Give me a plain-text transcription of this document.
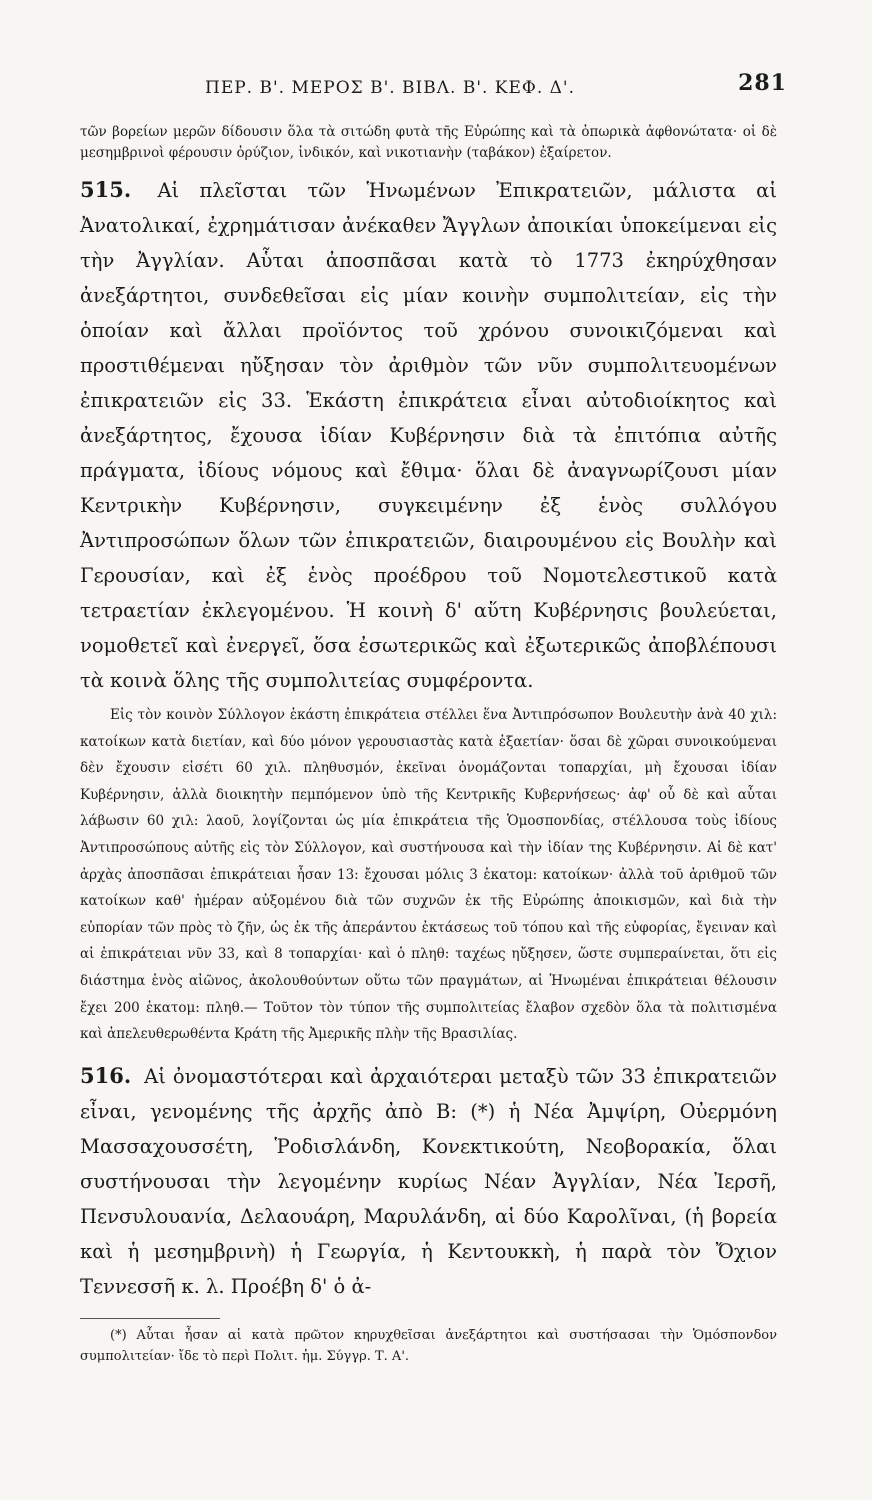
ΠΕΡ. Β'. ΜΕΡΟΣ Β'. ΒΙΒΛ. Β'. ΚΕΦ. Δ'.	281

τῶν βορείων μερῶν δίδουσιν ὅλα τὰ σιτώδη φυτὰ τῆς Εὐρώπης καὶ τὰ ὀπωρικὰ ἀφθονώτατα· οἱ δὲ μεσημβρινοὶ φέρουσιν ὀρύζιον, ἰνδικόν, καὶ νικοτιανὴν (ταβάκον) ἐξαίρετον.

515. Αἱ πλεῖσται τῶν Ἡνωμένων Ἐπικρατειῶν, μάλιστα αἱ Ἀνατολικαί, ἐχρημάτισαν ἀνέκαθεν Ἄγγλων ἀποικίαι ὑποκείμεναι εἰς τὴν Ἀγγλίαν. Αὗται ἀποσπᾶσαι κατὰ τὸ 1773 ἐκηρύχθησαν ἀνεξάρτητοι, συνδεθεῖσαι εἰς μίαν κοινὴν συμπολιτείαν, εἰς τὴν ὁποίαν καὶ ἄλλαι προϊόντος τοῦ χρόνου συνοικιζόμεναι καὶ προστιθέμεναι ηὔξησαν τὸν ἀριθμὸν τῶν νῦν συμπολιτευομένων ἐπικρατειῶν εἰς 33. Ἑκάστη ἐπικράτεια εἶναι αὐτοδιοίκητος καὶ ἀνεξάρτητος, ἔχουσα ἰδίαν Κυβέρνησιν διὰ τὰ ἐπιτόπια αὐτῆς πράγματα, ἰδίους νόμους καὶ ἔθιμα· ὅλαι δὲ ἀναγνωρίζουσι μίαν Κεντρικὴν Κυβέρνησιν, συγκειμένην ἐξ ἑνὸς συλλόγου Ἀντιπροσώπων ὅλων τῶν ἐπικρατειῶν, διαιρουμένου εἰς Βουλὴν καὶ Γερουσίαν, καὶ ἐξ ἑνὸς προέδρου τοῦ Νομοτελεστικοῦ κατὰ τετραετίαν ἐκλεγομένου. Ἡ κοινὴ δ' αὕτη Κυβέρνησις βουλεύεται, νομοθετεῖ καὶ ἐνεργεῖ, ὅσα ἐσωτερικῶς καὶ ἐξωτερικῶς ἀποβλέπουσι τὰ κοινὰ ὅλης τῆς συμπολιτείας συμφέροντα.

Εἰς τὸν κοινὸν Σύλλογον ἑκάστη ἐπικράτεια στέλλει ἕνα Ἀντιπρόσωπον Βουλευτὴν ἀνὰ 40 χιλ: κατοίκων κατὰ διετίαν, καὶ δύο μόνον γερουσιαστὰς κατὰ ἑξαετίαν· ὅσαι δὲ χῶραι συνοικούμεναι δὲν ἔχουσιν εἰσέτι 60 χιλ. πληθυσμόν, ἐκεῖναι ὀνομάζονται τοπαρχίαι, μὴ ἔχουσαι ἰδίαν Κυβέρνησιν, ἀλλὰ διοικητὴν πεμπόμενον ὑπὸ τῆς Κεντρικῆς Κυβερνήσεως· ἀφ' οὗ δὲ καὶ αὗται λάβωσιν 60 χιλ: λαοῦ, λογίζονται ὡς μία ἐπικράτεια τῆς Ὁμοσπονδίας, στέλλουσα τοὺς ἰδίους Ἀντιπροσώπους αὐτῆς εἰς τὸν Σύλλογον, καὶ συστήνουσα καὶ τὴν ἰδίαν της Κυβέρνησιν. Αἱ δὲ κατ' ἀρχὰς ἀποσπᾶσαι ἐπικράτειαι ἦσαν 13: ἔχουσαι μόλις 3 ἑκατομ: κατοίκων· ἀλλὰ τοῦ ἀριθμοῦ τῶν κατοίκων καθ' ἡμέραν αὐξομένου διὰ τῶν συχνῶν ἐκ τῆς Εὐρώπης ἀποικισμῶν, καὶ διὰ τὴν εὐπορίαν τῶν πρὸς τὸ ζῆν, ὡς ἐκ τῆς ἀπεράντου ἐκτάσεως τοῦ τόπου καὶ τῆς εὐφορίας, ἔγειναν καὶ αἱ ἐπικράτειαι νῦν 33, καὶ 8 τοπαρχίαι· καὶ ὁ πληθ: ταχέως ηὔξησεν, ὥστε συμπεραίνεται, ὅτι εἰς διάστημα ἑνὸς αἰῶνος, ἀκολουθούντων οὕτω τῶν πραγμάτων, αἱ Ἡνωμέναι ἐπικράτειαι θέλουσιν ἔχει 200 ἑκατομ: πληθ.— Τοῦτον τὸν τύπον τῆς συμπολιτείας ἔλαβον σχεδὸν ὅλα τὰ πολιτισμένα καὶ ἀπελευθερωθέντα Κράτη τῆς Ἀμερικῆς πλὴν τῆς Βρασιλίας.

516. Αἱ ὀνομαστότεραι καὶ ἀρχαιότεραι μεταξὺ τῶν 33 ἐπικρατειῶν εἶναι, γενομένης τῆς ἀρχῆς ἀπὸ Β: (*) ἡ Νέα Ἀμψίρη, Οὐερμόνη Μασσαχουσσέτη, Ῥοδισλάνδη, Κονεκτικούτη, Νεοβορακία, ὅλαι συστήνουσαι τὴν λεγομένην κυρίως Νέαν Ἀγγλίαν, Νέα Ἰερσῆ, Πενσυλουανία, Δελαουάρη, Μαρυλάνδη, αἱ δύο Καρολῖναι, (ἡ βορεία καὶ ἡ μεσημβρινὴ) ἡ Γεωργία, ἡ Κεντουκκὴ, ἡ παρὰ τὸν Ὄχιον Τεννεσσῆ κ. λ. Προέβη δ' ὁ ἀ-

(*) Αὗται ἦσαν αἱ κατὰ πρῶτον κηρυχθεῖσαι ἀνεξάρτητοι καὶ συστήσασαι τὴν Ὁμόσπονδον συμπολιτείαν· ἴδε τὸ περὶ Πολιτ. ἡμ. Σύγγρ. Τ. Α'.
